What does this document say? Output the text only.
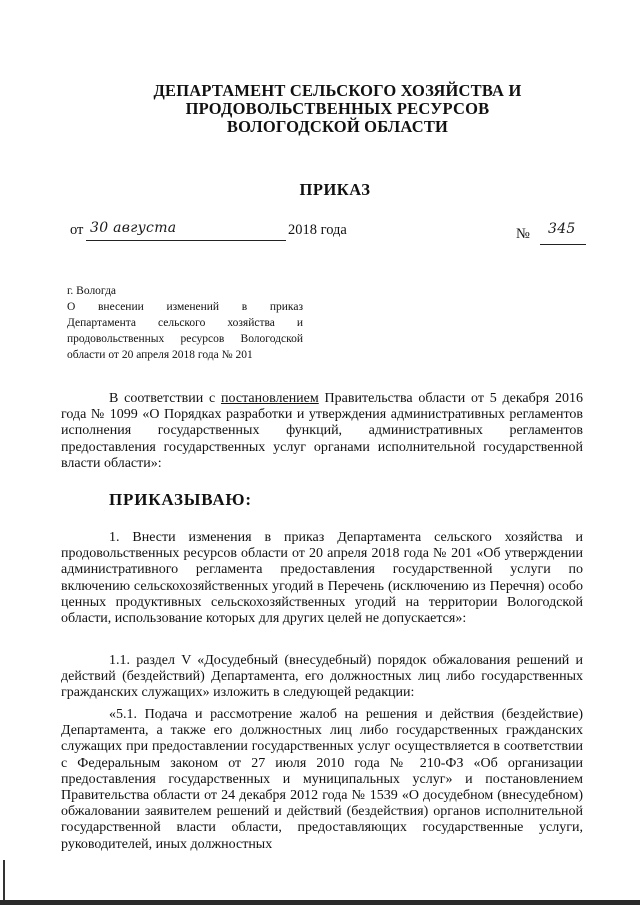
ДЕПАРТАМЕНТ СЕЛЬСКОГО ХОЗЯЙСТВА И
ПРОДОВОЛЬСТВЕННЫХ РЕСУРСОВ
ВОЛОГОДСКОЙ ОБЛАСТИ
ПРИКАЗ
от 30 августа	2018 года	№ 345
г. Вологда
О внесении изменений в приказ
Департамента сельского хозяйства и
продовольственных ресурсов Вологодской
области от 20 апреля 2018 года № 201
В соответствии с постановлением Правительства области от 5 декабря 2016 года № 1099 «О Порядках разработки и утверждения административных регламентов исполнения государственных функций, административных регламентов предоставления государственных услуг органами исполнительной государственной власти области»:
ПРИКАЗЫВАЮ:
1. Внести изменения в приказ Департамента сельского хозяйства и продовольственных ресурсов области от 20 апреля 2018 года № 201 «Об утверждении административного регламента предоставления государственной услуги по включению сельскохозяйственных угодий в Перечень (исключению из Перечня) особо ценных продуктивных сельскохозяйственных угодий на территории Вологодской области, использование которых для других целей не допускается»:
1.1. раздел V «Досудебный (внесудебный) порядок обжалования решений и действий (бездействий) Департамента, его должностных лиц либо государственных гражданских служащих» изложить в следующей редакции:
«5.1. Подача и рассмотрение жалоб на решения и действия (бездействие) Департамента, а также его должностных лиц либо государственных гражданских служащих при предоставлении государственных услуг осуществляется в соответствии с Федеральным законом от 27 июля 2010 года № 210-ФЗ «Об организации предоставления государственных и муниципальных услуг» и постановлением Правительства области от 24 декабря 2012 года № 1539 «О досудебном (внесудебном) обжаловании заявителем решений и действий (бездействия) органов исполнительной государственной власти области, предоставляющих государственные услуги, руководителей, иных должностных
